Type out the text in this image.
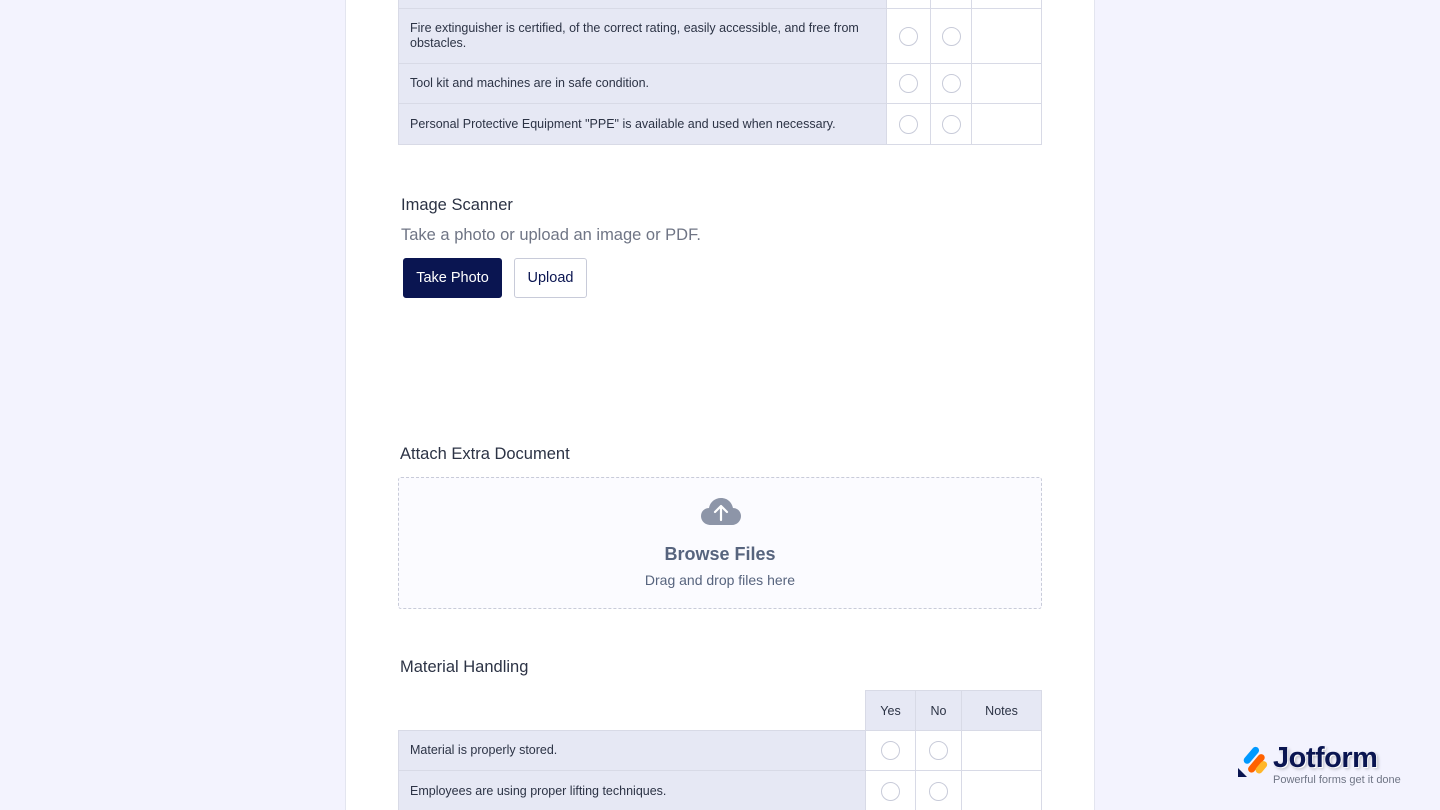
Fire extinguisher is certified, of the correct rating, easily accessible, and free from obstacles.			
Tool kit and machines are in safe condition.			
Personal Protective Equipment "PPE" is available and used when necessary.			
Image Scanner
Take a photo or upload an image or PDF.
Take Photo	Upload
Attach Extra Document
Browse Files
Drag and drop files here
Material Handling
	Yes	No	Notes
Material is properly stored.			
Employees are using proper lifting techniques.			
Jotform
Powerful forms get it done
